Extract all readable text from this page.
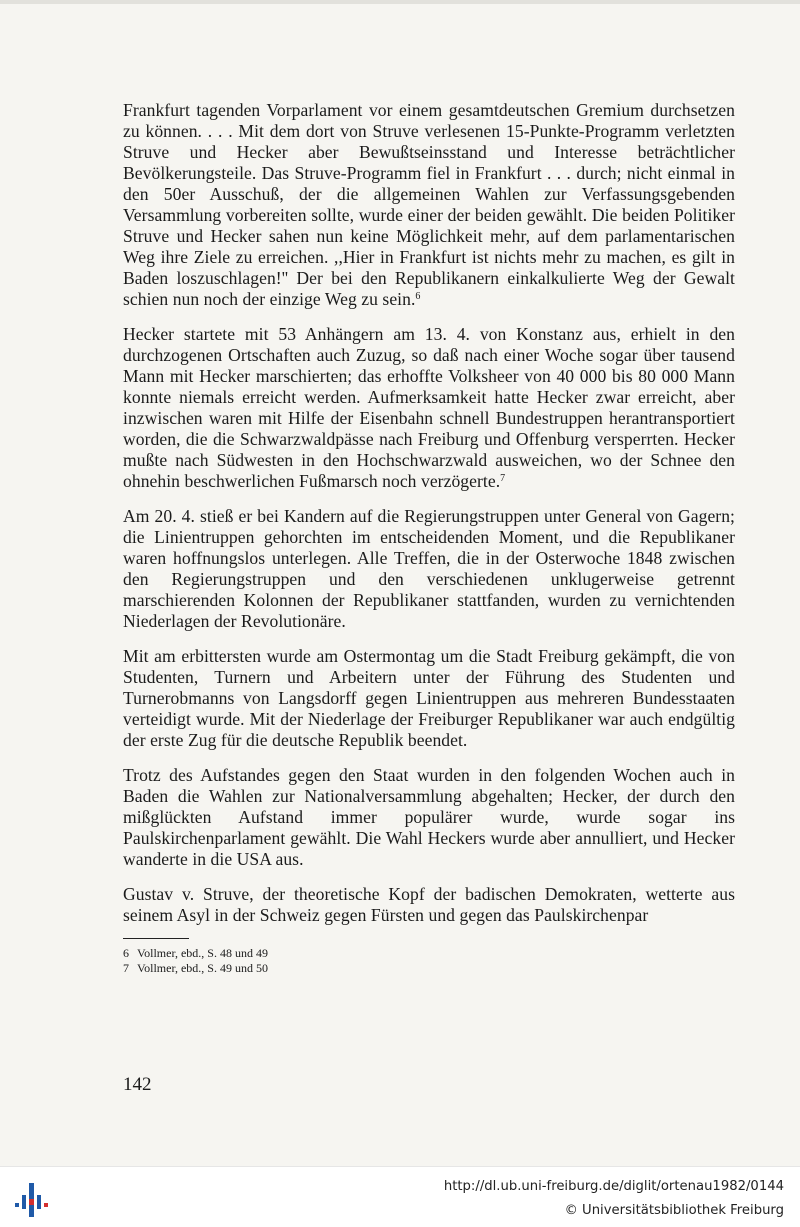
Frankfurt tagenden Vorparlament vor einem gesamtdeutschen Gremium durchsetzen zu können. . . . Mit dem dort von Struve verlesenen 15-Punkte-Programm verletzten Struve und Hecker aber Bewußtseinsstand und Interesse beträchtlicher Bevölkerungsteile. Das Struve-Programm fiel in Frankfurt . . . durch; nicht einmal in den 50er Ausschuß, der die allgemeinen Wahlen zur Verfassungsgebenden Versammlung vorbereiten sollte, wurde einer der beiden gewählt. Die beiden Politiker Struve und Hecker sahen nun keine Möglichkeit mehr, auf dem parlamentarischen Weg ihre Ziele zu erreichen. ,,Hier in Frankfurt ist nichts mehr zu machen, es gilt in Baden loszuschlagen!'' Der bei den Republikanern einkalkulierte Weg der Gewalt schien nun noch der einzige Weg zu sein.$^6$

Hecker startete mit 53 Anhängern am 13. 4. von Konstanz aus, erhielt in den durchzogenen Ortschaften auch Zuzug, so daß nach einer Woche sogar über tausend Mann mit Hecker marschierten; das erhoffte Volksheer von 40 000 bis 80 000 Mann konnte niemals erreicht werden. Aufmerksamkeit hatte Hecker zwar erreicht, aber inzwischen waren mit Hilfe der Eisenbahn schnell Bundestruppen herantransportiert worden, die die Schwarzwaldpässe nach Freiburg und Offenburg versperrten. Hecker mußte nach Südwesten in den Hochschwarzwald ausweichen, wo der Schnee den ohnehin beschwerlichen Fußmarsch noch verzögerte.$^7$

Am 20. 4. stieß er bei Kandern auf die Regierungstruppen unter General von Gagern; die Linientruppen gehorchten im entscheidenden Moment, und die Republikaner waren hoffnungslos unterlegen. Alle Treffen, die in der Osterwoche 1848 zwischen den Regierungstruppen und den verschiedenen unklugerweise getrennt marschierenden Kolonnen der Republikaner stattfanden, wurden zu vernichtenden Niederlagen der Revolutionäre.

Mit am erbittersten wurde am Ostermontag um die Stadt Freiburg gekämpft, die von Studenten, Turnern und Arbeitern unter der Führung des Studenten und Turnerobmanns von Langsdorff gegen Linientruppen aus mehreren Bundesstaaten verteidigt wurde. Mit der Niederlage der Freiburger Republikaner war auch endgültig der erste Zug für die deutsche Republik beendet.

Trotz des Aufstandes gegen den Staat wurden in den folgenden Wochen auch in Baden die Wahlen zur Nationalversammlung abgehalten; Hecker, der durch den mißglückten Aufstand immer populärer wurde, wurde sogar ins Paulskirchenparlament gewählt. Die Wahl Heckers wurde aber annulliert, und Hecker wanderte in die USA aus.

Gustav v. Struve, der theoretische Kopf der badischen Demokraten, wetterte aus seinem Asyl in der Schweiz gegen Fürsten und gegen das Paulskirchenpar

6 Vollmer, ebd., S. 48 und 49

7 Vollmer, ebd., S. 49 und 50

142
http://dl.ub.uni-freiburg.de/diglit/ortenau1982/0144
© Universitätsbibliothek Freiburg
